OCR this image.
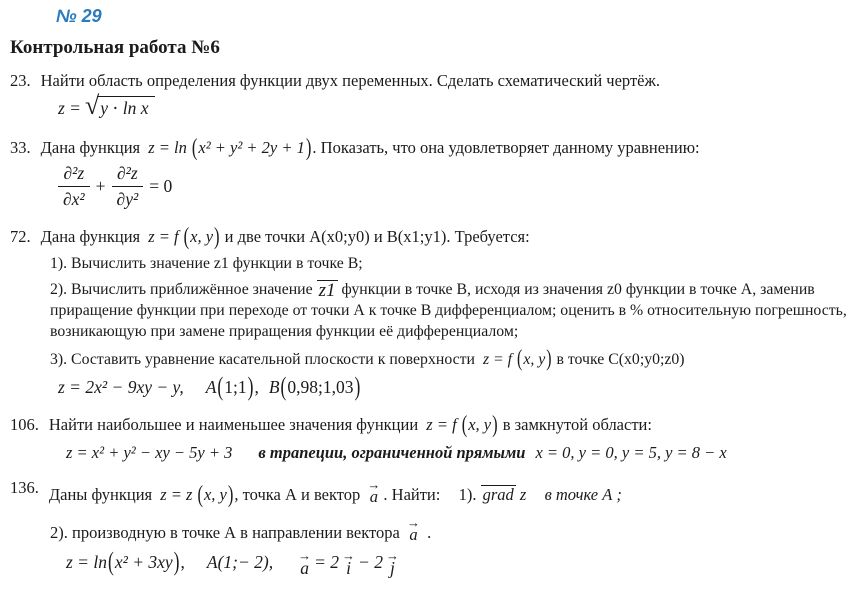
№ 29
Контрольная работа №6
23. Найти область определения функции двух переменных. Сделать схематический чертёж.
z = √ y ⋅ ln x
33. Дана функция z = ln (x² + y² + 2y + 1). Показать, что она удовлетворяет данному уравнению:
$\frac{\text{∂²z}}{\text{∂x²}} + \frac{\text{∂²z}}{\text{∂y²}} = 0$
72. Дана функция z = f (x, y) и две точки А(x0;y0) и В(x1;y1). Требуется:
1). Вычислить значение z1 функции в точке В;
2). Вычислить приближённое значение z1 функции в точке В, исходя из значения z0 функции в точке А, заменив приращение функции при переходе от точки А к точке В дифференциалом; оценить в % относительную погрешность, возникающую при замене приращения функции её дифференциалом;
3). Составить уравнение касательной плоскости к поверхности z = f (x, y) в точке С(x0;y0;z0)
z = 2x² − 9xy − y, A ( 1;1 ) , B ( 0,98;1,03 )
106. Найти наибольшее и наименьшее значения функции z = f (x, y) в замкнутой области:
z = x² + y² − xy − 5y + 3 в трапеции, ограниченной прямыми x = 0, y = 0, y = 5, y = 8 − x
136. Даны функция z = z (x, y), точка А и вектор
→
a . Найти: 1). grad z в точке А ;
2). производную в точке А в направлении вектора
→
a .
z = ln ( x² + 3xy ) , A(1;− 2), →
a = 2 →
i − 2 →
j
